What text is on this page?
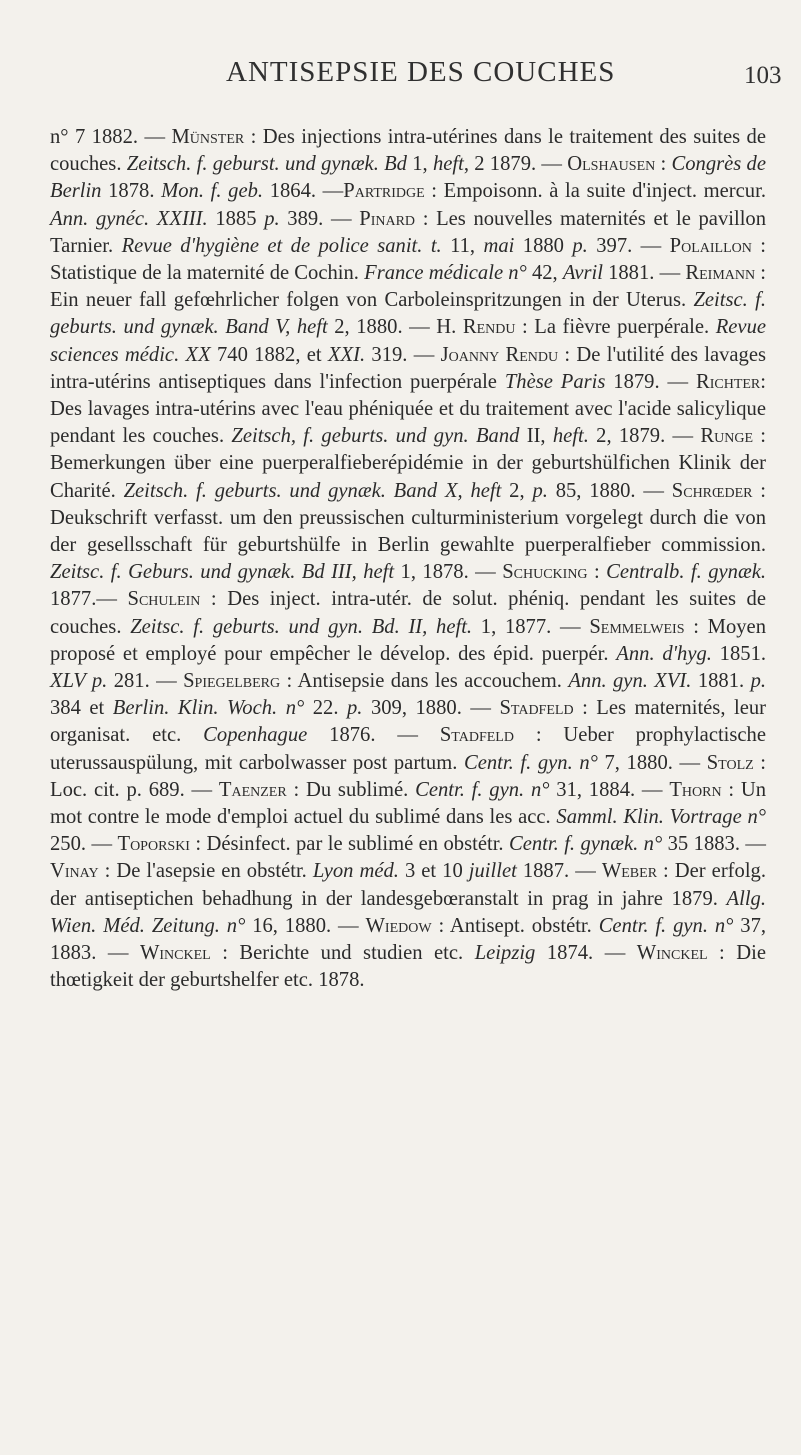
ANTISEPSIE DES COUCHES	103

n° 7 1882. — Münster : Des injections intra-utérines dans le traitement des suites de couches. Zeitsch. f. geburst. und gynæk. Bd 1, heft, 2 1879. — Olshausen : Congrès de Berlin 1878. Mon. f. geb. 1864. —Partridge : Empoisonn. à la suite d'inject. mercur. Ann. gynéc. XXIII. 1885 p. 389. — Pinard : Les nouvelles maternités et le pavillon Tarnier. Revue d'hygiène et de police sanit. t. 11, mai 1880 p. 397. — Polaillon : Statistique de la maternité de Cochin. France médicale n° 42, Avril 1881. — Reimann : Ein neuer fall gefœhrlicher folgen von Carboleinspritzungen in der Uterus. Zeitsc. f. geburts. und gynæk. Band V, heft 2, 1880. — H. Rendu : La fièvre puerpérale. Revue sciences médic. XX 740 1882, et XXI. 319. — Joanny Rendu : De l'utilité des lavages intra-utérins antiseptiques dans l'infection puerpérale Thèse Paris 1879. — Richter: Des lavages intra-utérins avec l'eau phéniquée et du traitement avec l'acide salicylique pendant les couches. Zeitsch, f. geburts. und gyn. Band II, heft. 2, 1879. — Runge : Bemerkungen über eine puerperalfieberépidémie in der geburtshülfichen Klinik der Charité. Zeitsch. f. geburts. und gynæk. Band X, heft 2, p. 85, 1880. — Schrœder : Deukschrift verfasst. um den preussischen culturministerium vorgelegt durch die von der gesellsschaft für geburtshülfe in Berlin gewahlte puerperalfieber commission. Zeitsc. f. Geburs. und gynæk. Bd III, heft 1, 1878. — Schucking : Centralb. f. gynæk. 1877.— Schulein : Des inject. intra-utér. de solut. phéniq. pendant les suites de couches. Zeitsc. f. geburts. und gyn. Bd. II, heft. 1, 1877. — Semmelweis : Moyen proposé et employé pour empêcher le dévelop. des épid. puerpér. Ann. d'hyg. 1851. XLV p. 281. — Spiegelberg : Antisepsie dans les accouchem. Ann. gyn. XVI. 1881. p. 384 et Berlin. Klin. Woch. n° 22. p. 309, 1880. — Stadfeld : Les maternités, leur organisat. etc. Copenhague 1876. — Stadfeld : Ueber prophylactische uterussauspülung, mit carbolwasser post partum. Centr. f. gyn. n° 7, 1880. — Stolz : Loc. cit. p. 689. — Taenzer : Du sublimé. Centr. f. gyn. n° 31, 1884. — Thorn : Un mot contre le mode d'emploi actuel du sublimé dans les acc. Samml. Klin. Vortrage n° 250. — Toporski : Désinfect. par le sublimé en obstétr. Centr. f. gynæk. n° 35 1883. — Vinay : De l'asepsie en obstétr. Lyon méd. 3 et 10 juillet 1887. — Weber : Der erfolg. der antiseptichen behadhung in der landesgebœranstalt in prag in jahre 1879. Allg. Wien. Méd. Zeitung. n° 16, 1880. — Wiedow : Antisept. obstétr. Centr. f. gyn. n° 37, 1883. — Winckel : Berichte und studien etc. Leipzig 1874. — Winckel : Die thœtigkeit der geburtshelfer etc. 1878.
